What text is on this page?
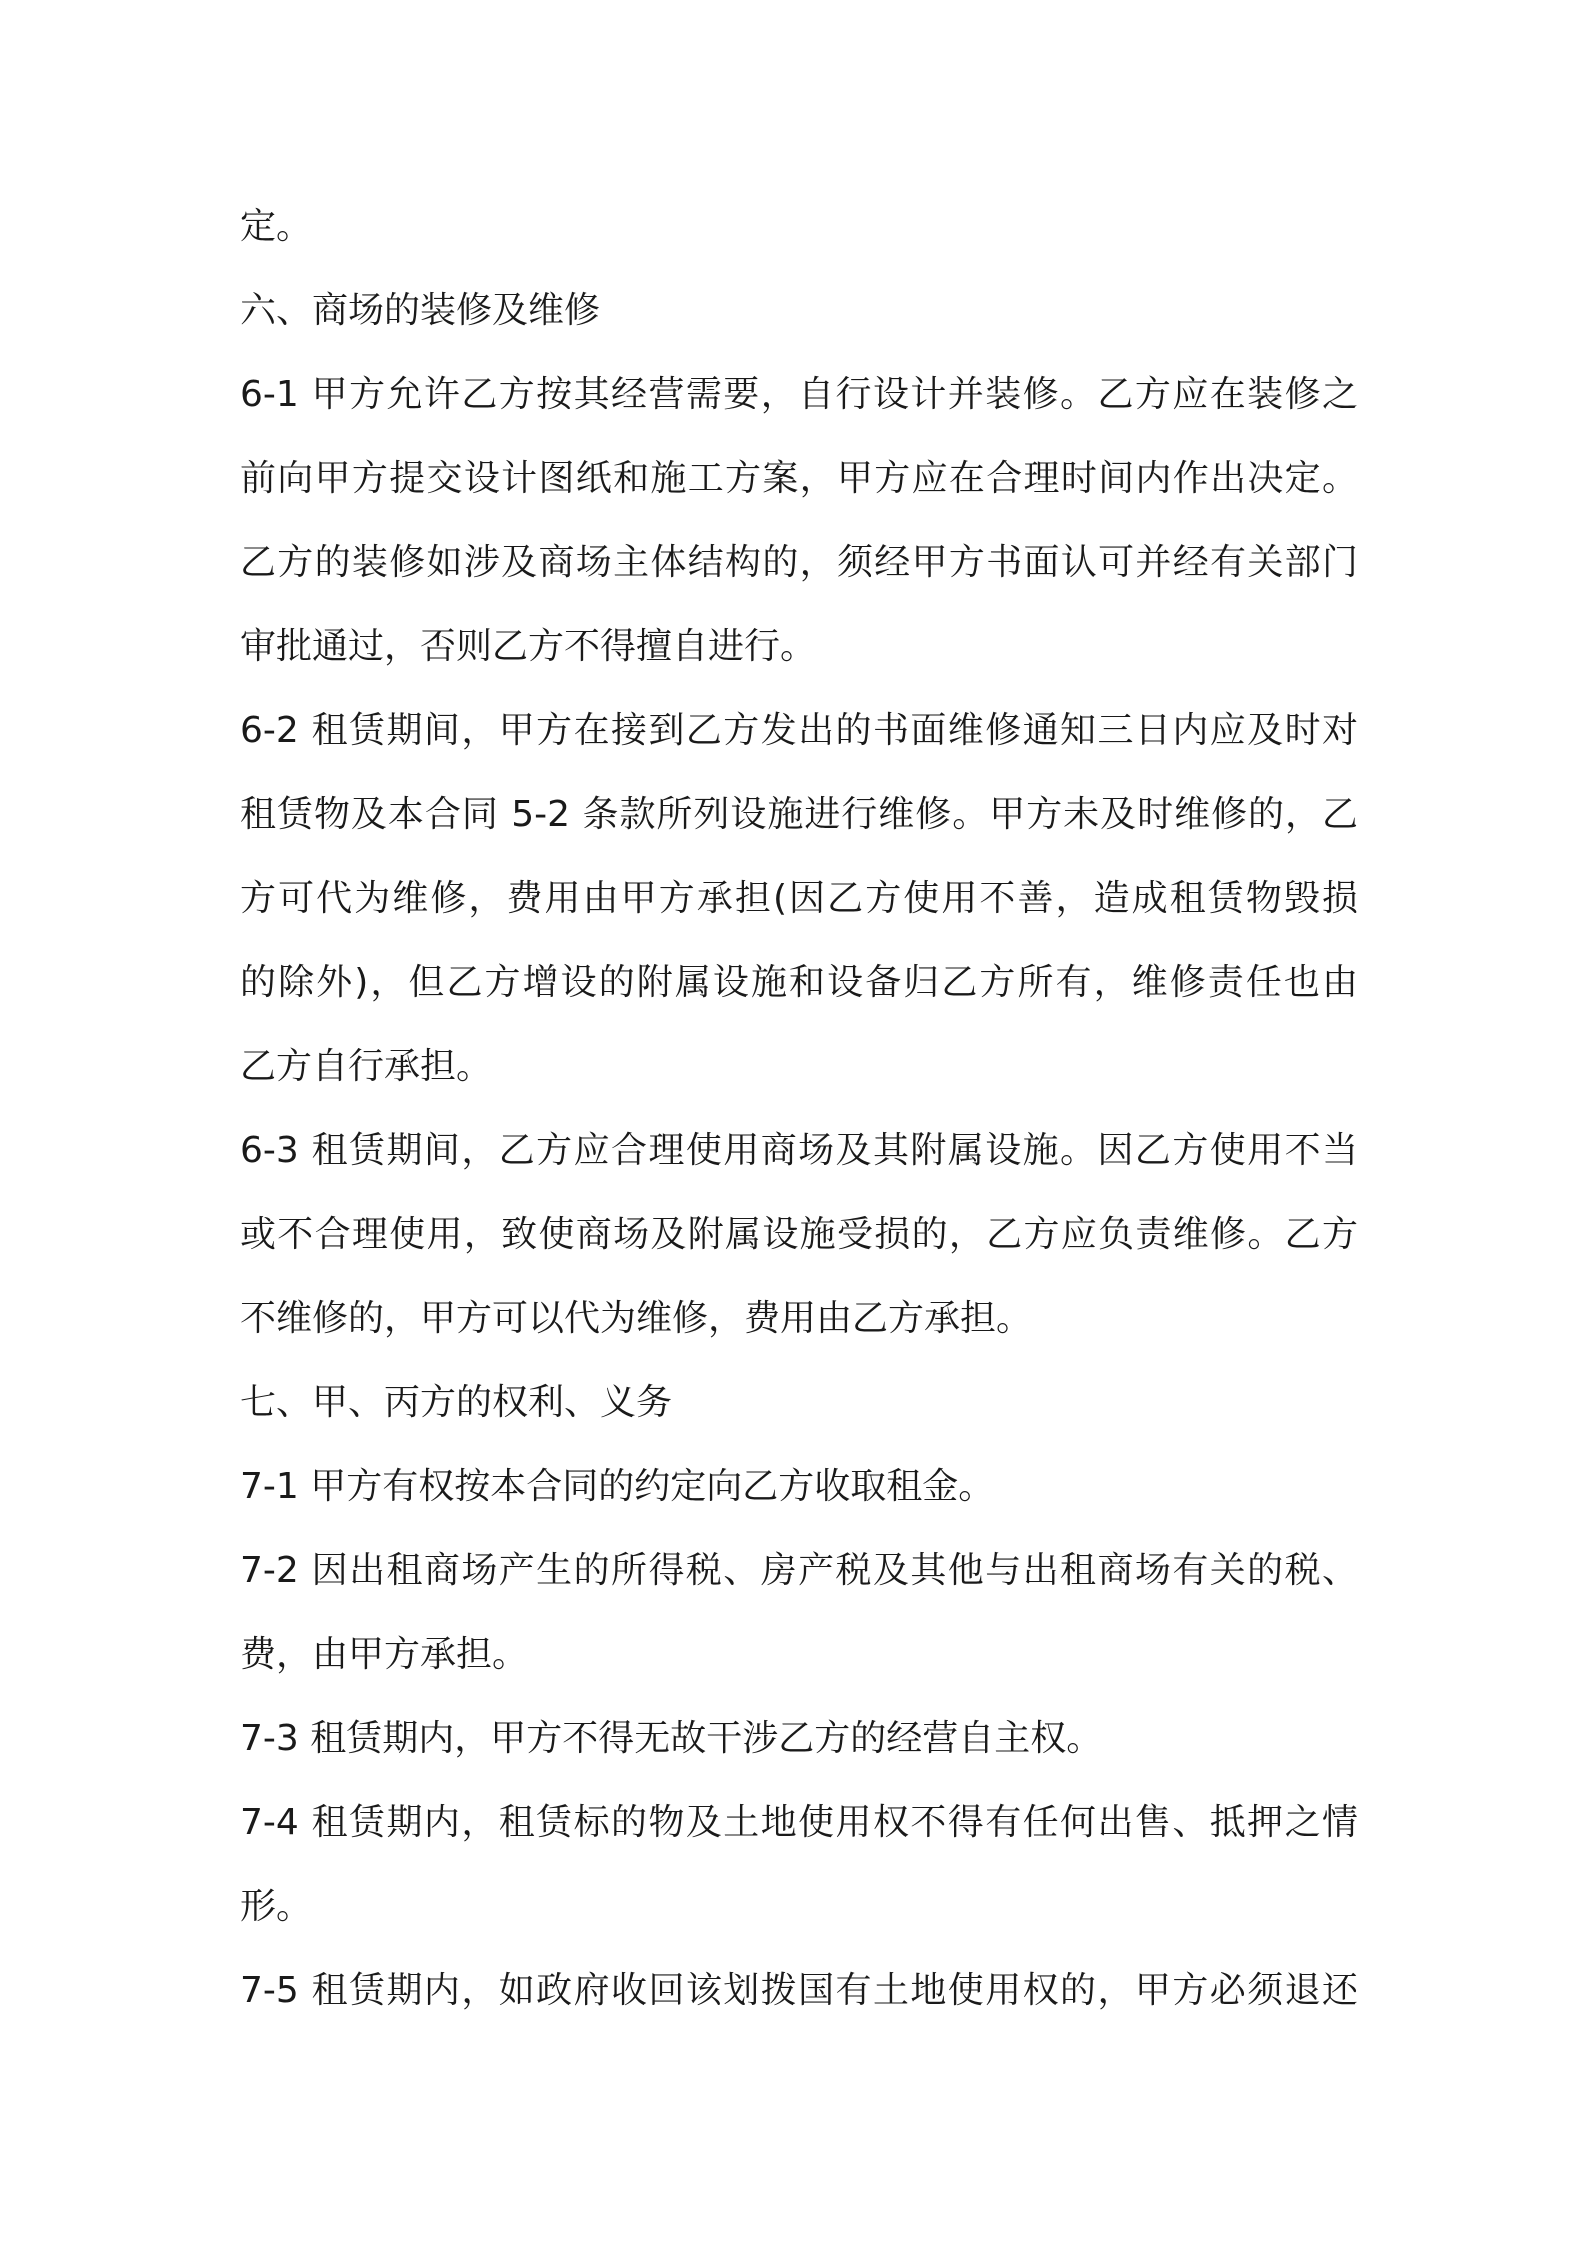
定。
六、商场的装修及维修
6-1 甲方允许乙方按其经营需要，自行设计并装修。乙方应在装修之
前向甲方提交设计图纸和施工方案，甲方应在合理时间内作出决定。
乙方的装修如涉及商场主体结构的，须经甲方书面认可并经有关部门
审批通过，否则乙方不得擅自进行。
6-2 租赁期间，甲方在接到乙方发出的书面维修通知三日内应及时对
租赁物及本合同 5-2 条款所列设施进行维修。甲方未及时维修的，乙
方可代为维修，费用由甲方承担(因乙方使用不善，造成租赁物毁损
的除外)，但乙方增设的附属设施和设备归乙方所有，维修责任也由
乙方自行承担。
6-3 租赁期间，乙方应合理使用商场及其附属设施。因乙方使用不当
或不合理使用，致使商场及附属设施受损的，乙方应负责维修。乙方
不维修的，甲方可以代为维修，费用由乙方承担。
七、甲、丙方的权利、义务
7-1 甲方有权按本合同的约定向乙方收取租金。
7-2 因出租商场产生的所得税、房产税及其他与出租商场有关的税、
费，由甲方承担。
7-3 租赁期内，甲方不得无故干涉乙方的经营自主权。
7-4 租赁期内，租赁标的物及土地使用权不得有任何出售、抵押之情
形。
7-5 租赁期内，如政府收回该划拨国有土地使用权的，甲方必须退还
